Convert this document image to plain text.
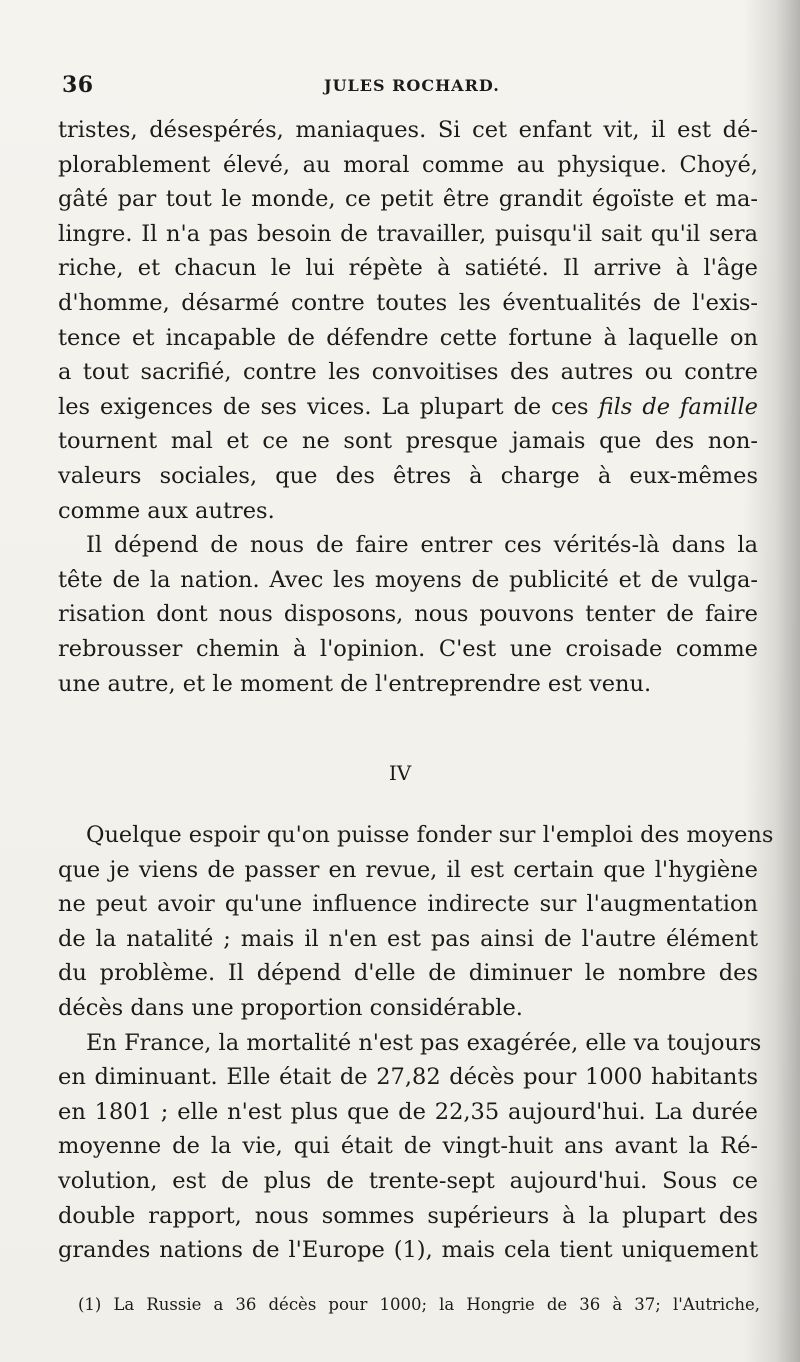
36	JULES ROCHARD.
tristes, désespérés, maniaques. Si cet enfant vit, il est dé-
plorablement élevé, au moral comme au physique. Choyé,
gâté par tout le monde, ce petit être grandit égoïste et ma-
lingre. Il n'a pas besoin de travailler, puisqu'il sait qu'il sera
riche, et chacun le lui répète à satiété. Il arrive à l'âge
d'homme, désarmé contre toutes les éventualités de l'exis-
tence et incapable de défendre cette fortune à laquelle on
a tout sacrifié, contre les convoitises des autres ou contre
les exigences de ses vices. La plupart de ces fils de famille
tournent mal et ce ne sont presque jamais que des non-
valeurs sociales, que des êtres à charge à eux-mêmes
comme aux autres.
Il dépend de nous de faire entrer ces vérités-là dans la
tête de la nation. Avec les moyens de publicité et de vulga-
risation dont nous disposons, nous pouvons tenter de faire
rebrousser chemin à l'opinion. C'est une croisade comme
une autre, et le moment de l'entreprendre est venu.
IV
Quelque espoir qu'on puisse fonder sur l'emploi des moyens
que je viens de passer en revue, il est certain que l'hygiène
ne peut avoir qu'une influence indirecte sur l'augmentation
de la natalité ; mais il n'en est pas ainsi de l'autre élément
du problème. Il dépend d'elle de diminuer le nombre des
décès dans une proportion considérable.
En France, la mortalité n'est pas exagérée, elle va toujours
en diminuant. Elle était de 27,82 décès pour 1000 habitants
en 1801 ; elle n'est plus que de 22,35 aujourd'hui. La durée
moyenne de la vie, qui était de vingt-huit ans avant la Ré-
volution, est de plus de trente-sept aujourd'hui. Sous ce
double rapport, nous sommes supérieurs à la plupart des
grandes nations de l'Europe (1), mais cela tient uniquement
(1) La Russie a 36 décès pour 1000; la Hongrie de 36 à 37; l'Autriche,
